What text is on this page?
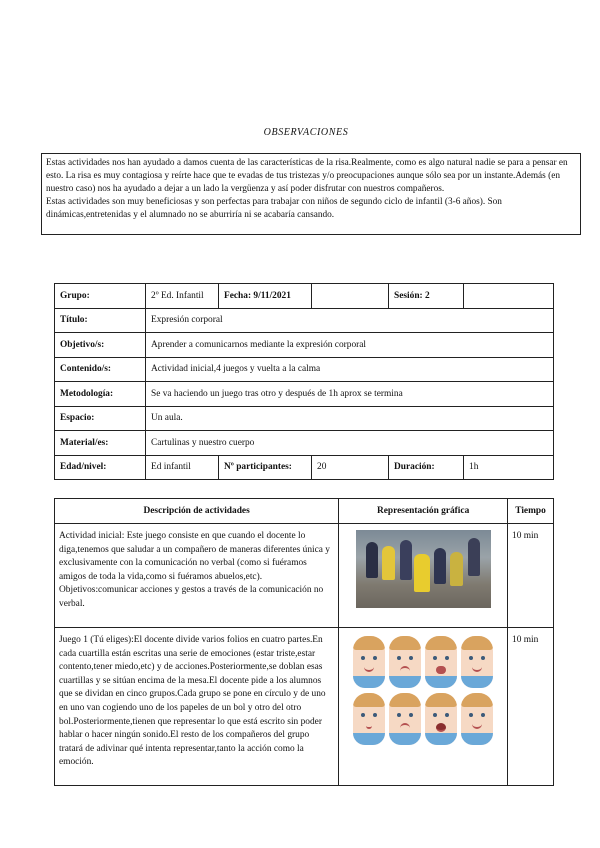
OBSERVACIONES

Estas actividades nos han ayudado a damos cuenta de las características de la risa.Realmente, como es algo natural nadie se para a pensar en esto. La risa es muy contagiosa y reírte hace que te evadas de tus tristezas y/o preocupaciones aunque sólo sea por un instante.Además (en nuestro caso) nos ha ayudado a dejar a un lado la vergüenza y así poder disfrutar con nuestros compañeros.

Estas actividades son muy beneficiosas y son perfectas para trabajar con niños de segundo ciclo de infantil (3-6 años). Son dinámicas,entretenidas y el alumnado no se aburriría ni se acabaría cansando.

Grupo:	2º Ed. Infantil	Fecha: 9/11/2021		Sesión: 2	
Título:	Expresión corporal				
Objetivo/s:	Aprender a comunicarnos mediante la expresión corporal				
Contenido/s:	Actividad inicial,4 juegos y vuelta a la calma				
Metodología:	Se va haciendo un juego tras otro y después de 1h aprox se termina				
Espacio:	Un aula.				
Material/es:	Cartulinas y nuestro cuerpo				
Edad/nivel:	Ed infantil	Nº participantes:	20	Duración:	1h
Descripción de actividades	Representación gráfica	Tiempo

Actividad inicial: Este juego consiste en que cuando el docente lo diga,tenemos que saludar a un compañero de maneras diferentes única y exclusivamente con la comunicación no verbal (como si fuéramos amigos de toda la vida,como si fuéramos abuelos,etc).
Objetivos:comunicar acciones y gestos a través de la comunicación no verbal.		10 min

Juego 1 (Tú eliges):El docente divide varios folios en cuatro partes.En cada cuartilla están escritas una serie de emociones (estar triste,estar contento,tener miedo,etc) y de acciones.Posteriormente,se doblan esas cuartillas y se sitúan encima de la mesa.El docente pide a los alumnos que se dividan en cinco grupos.Cada grupo se pone en círculo y de uno en uno van cogiendo uno de los papeles de un bol y otro del otro bol.Posteriormente,tienen que representar lo que está escrito sin poder hablar o hacer ningún sonido.El resto de los compañeros del grupo tratará de adivinar qué intenta representar,tanto la acción como la emoción.		10 min
